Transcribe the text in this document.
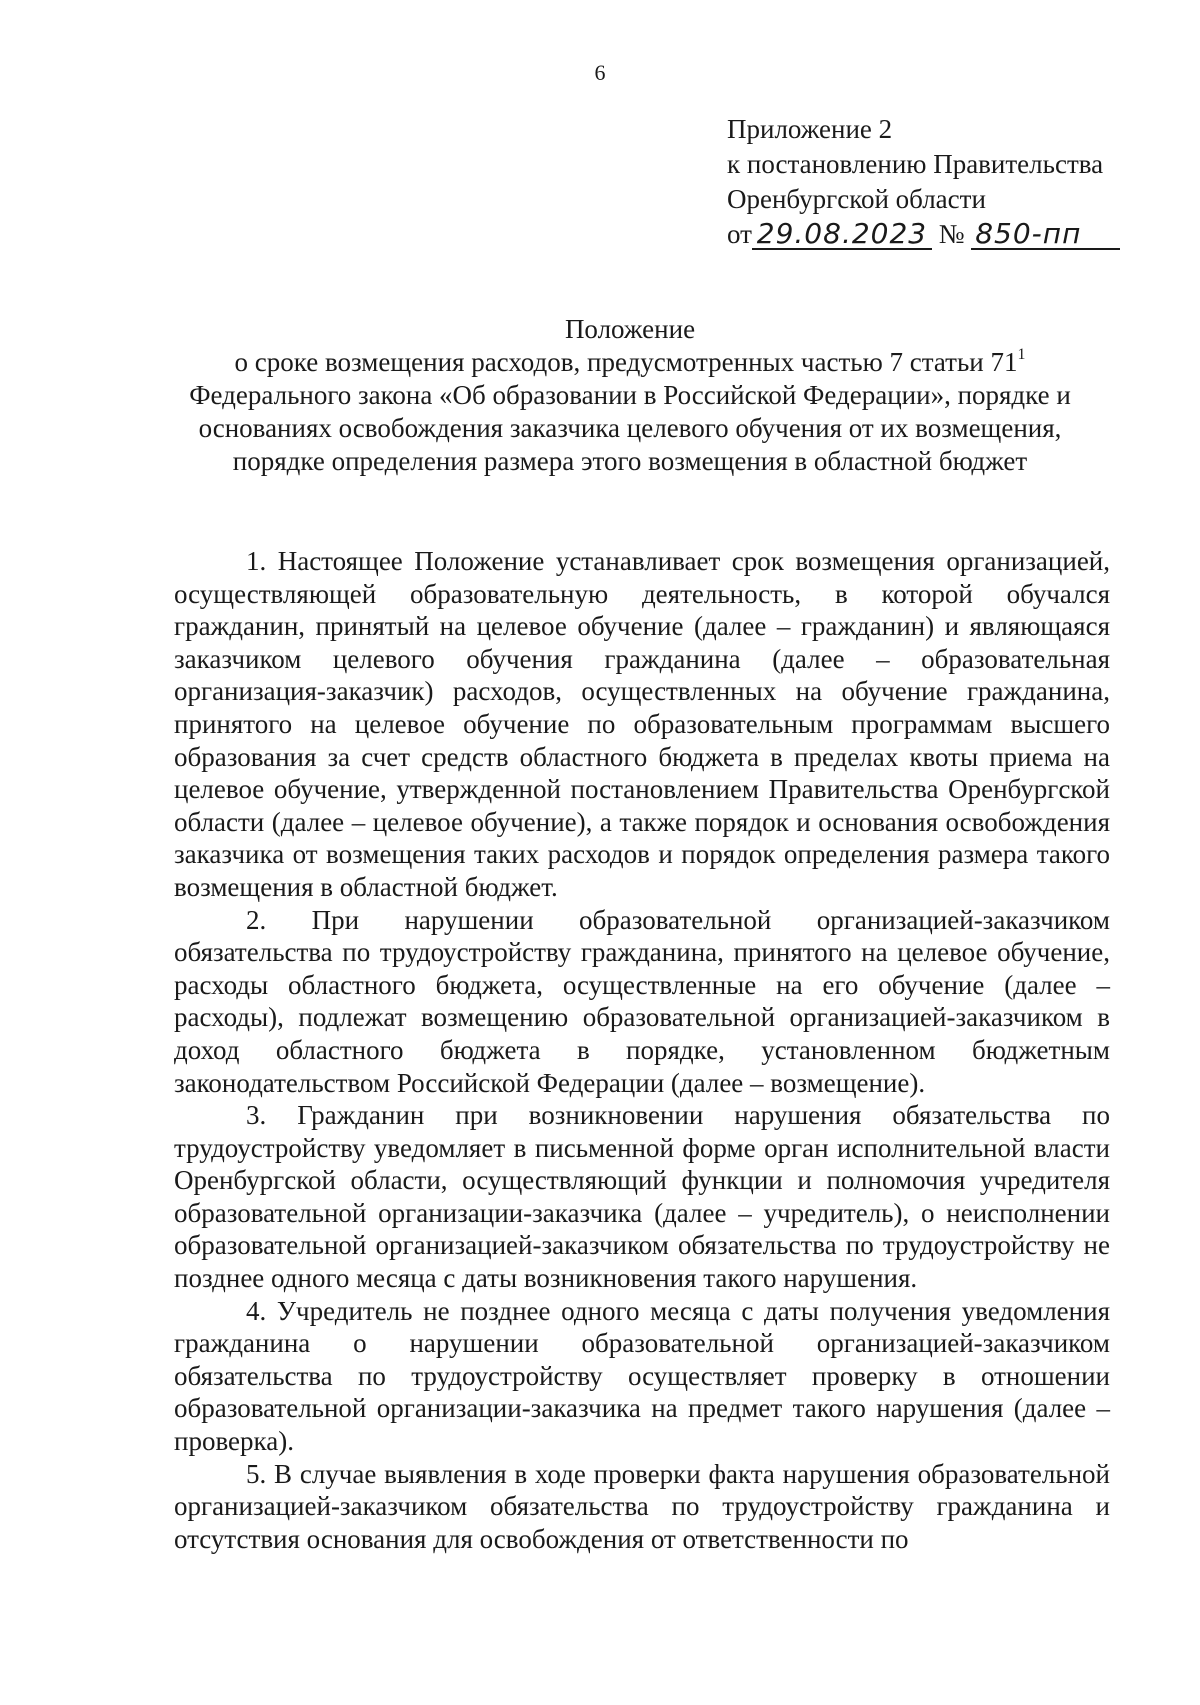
6
Приложение 2
к постановлению Правительства
Оренбургской области
от 29.08.2023 № 850-пп
Положение
о сроке возмещения расходов, предусмотренных частью 7 статьи $71^1$
Федерального закона «Об образовании в Российской Федерации», порядке и
основаниях освобождения заказчика целевого обучения от их возмещения,
порядке определения размера этого возмещения в областной бюджет

1. Настоящее Положение устанавливает срок возмещения организацией, осуществляющей образовательную деятельность, в которой обучался гражданин, принятый на целевое обучение (далее – гражданин) и являющаяся заказчиком целевого обучения гражданина (далее – образовательная организация-заказчик) расходов, осуществленных на обучение гражданина, принятого на целевое обучение по образовательным программам высшего образования за счет средств областного бюджета в пределах квоты приема на целевое обучение, утвержденной постановлением Правительства Оренбургской области (далее – целевое обучение), а также порядок и основания освобождения заказчика от возмещения таких расходов и порядок определения размера такого возмещения в областной бюджет.

2. При нарушении образовательной организацией-заказчиком обязательства по трудоустройству гражданина, принятого на целевое обучение, расходы областного бюджета, осуществленные на его обучение (далее – расходы), подлежат возмещению образовательной организацией-заказчиком в доход областного бюджета в порядке, установленном бюджетным законодательством Российской Федерации (далее – возмещение).

3. Гражданин при возникновении нарушения обязательства по трудоустройству уведомляет в письменной форме орган исполнительной власти Оренбургской области, осуществляющий функции и полномочия учредителя образовательной организации-заказчика (далее – учредитель), о неисполнении образовательной организацией-заказчиком обязательства по трудоустройству не позднее одного месяца с даты возникновения такого нарушения.

4. Учредитель не позднее одного месяца с даты получения уведомления гражданина о нарушении образовательной организацией-заказчиком обязательства по трудоустройству осуществляет проверку в отношении образовательной организации-заказчика на предмет такого нарушения (далее – проверка).

5. В случае выявления в ходе проверки факта нарушения образовательной организацией-заказчиком обязательства по трудоустройству гражданина и отсутствия основания для освобождения от ответственности по
